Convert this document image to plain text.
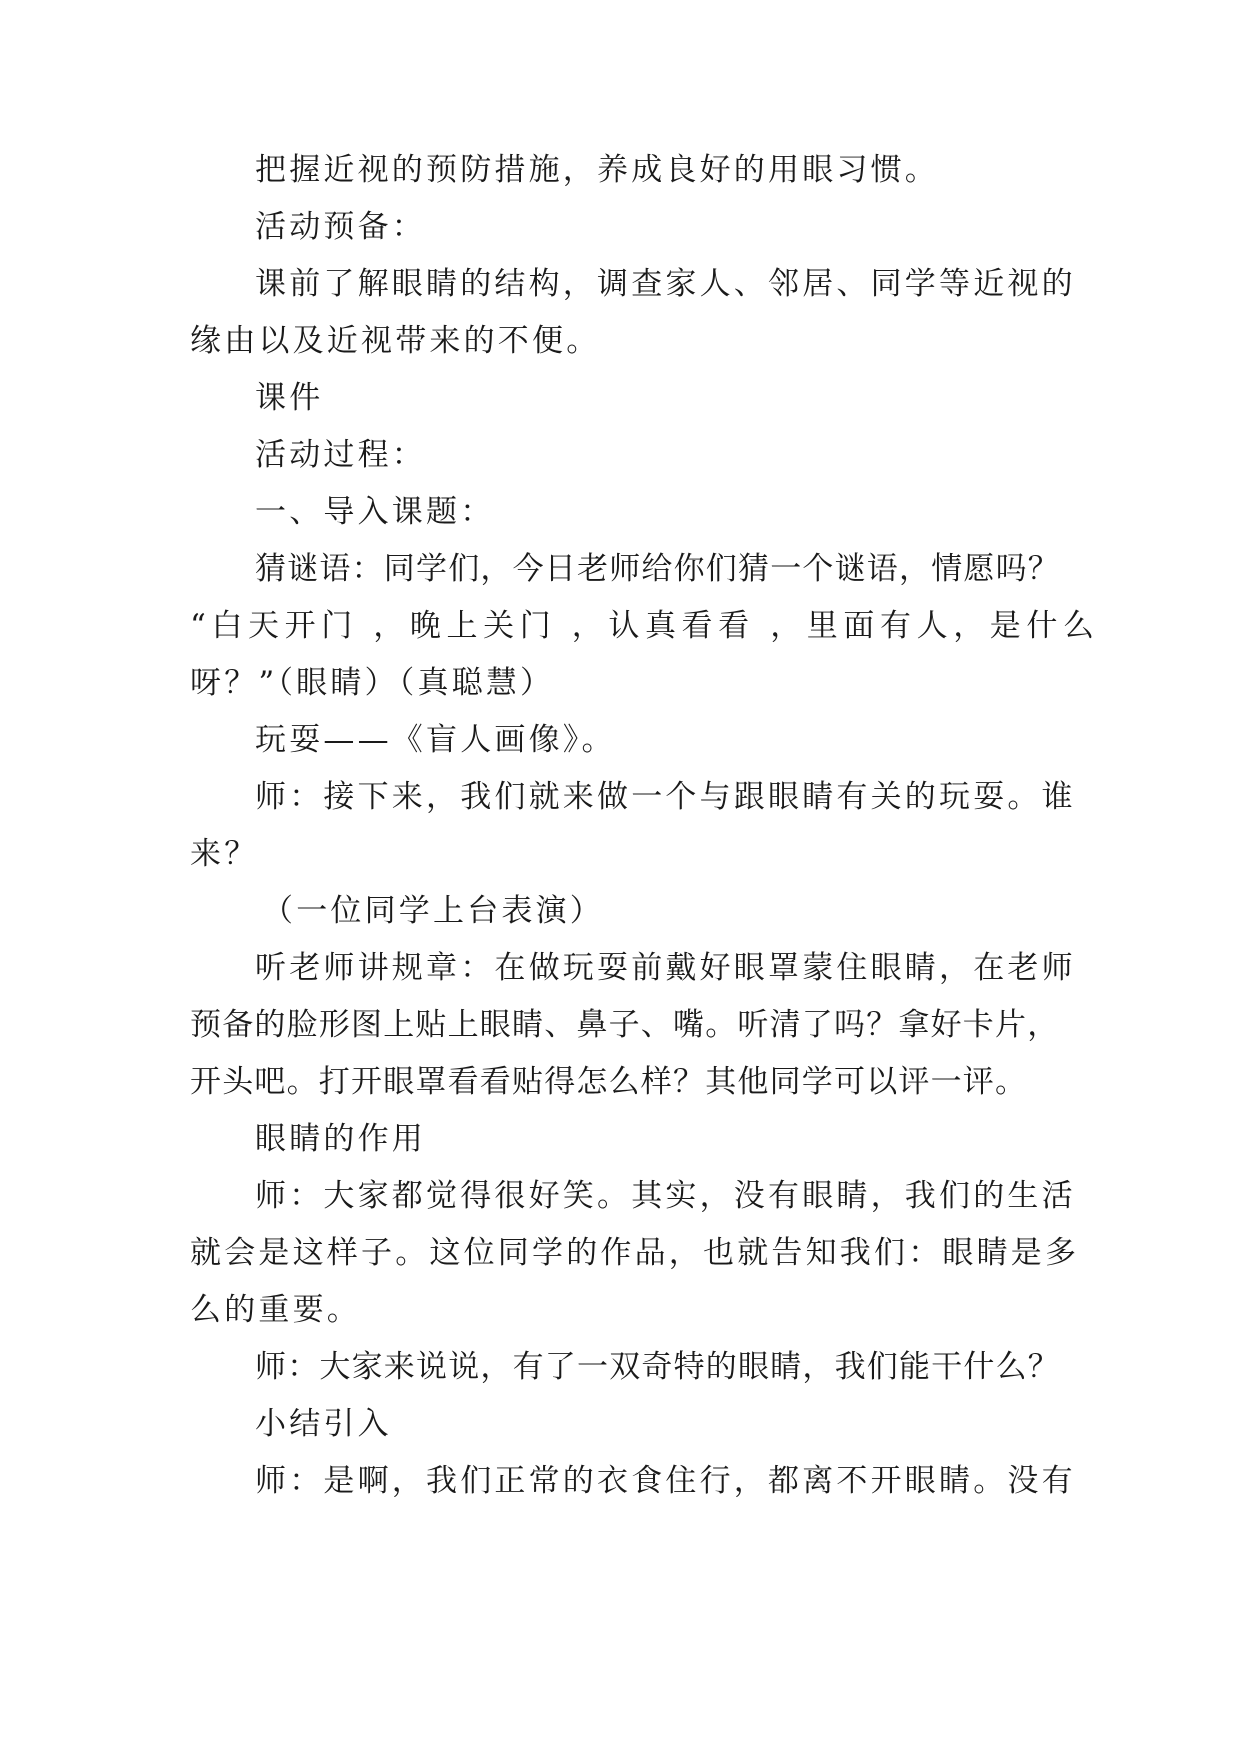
把握近视的预防措施，养成良好的用眼习惯。

活动预备：

课前了解眼睛的结构，调查家人、邻居、同学等近视的

缘由以及近视带来的不便。

课件

活动过程：

一、导入课题：

猜谜语：同学们，今日老师给你们猜一个谜语，情愿吗？

“白天开门 ，晚上关门 ，认真看看 ，里面有人，是什么

呀？”（眼睛）（真聪慧）

玩耍——《盲人画像》。

师：接下来，我们就来做一个与跟眼睛有关的玩耍。谁

来？

（一位同学上台表演）

听老师讲规章：在做玩耍前戴好眼罩蒙住眼睛，在老师

预备的脸形图上贴上眼睛、鼻子、嘴。听清了吗？拿好卡片，

开头吧。打开眼罩看看贴得怎么样？其他同学可以评一评。

眼睛的作用

师：大家都觉得很好笑。其实，没有眼睛，我们的生活

就会是这样子。这位同学的作品，也就告知我们：眼睛是多

么的重要。

师：大家来说说，有了一双奇特的眼睛，我们能干什么？

小结引入

师：是啊，我们正常的衣食住行，都离不开眼睛。没有
